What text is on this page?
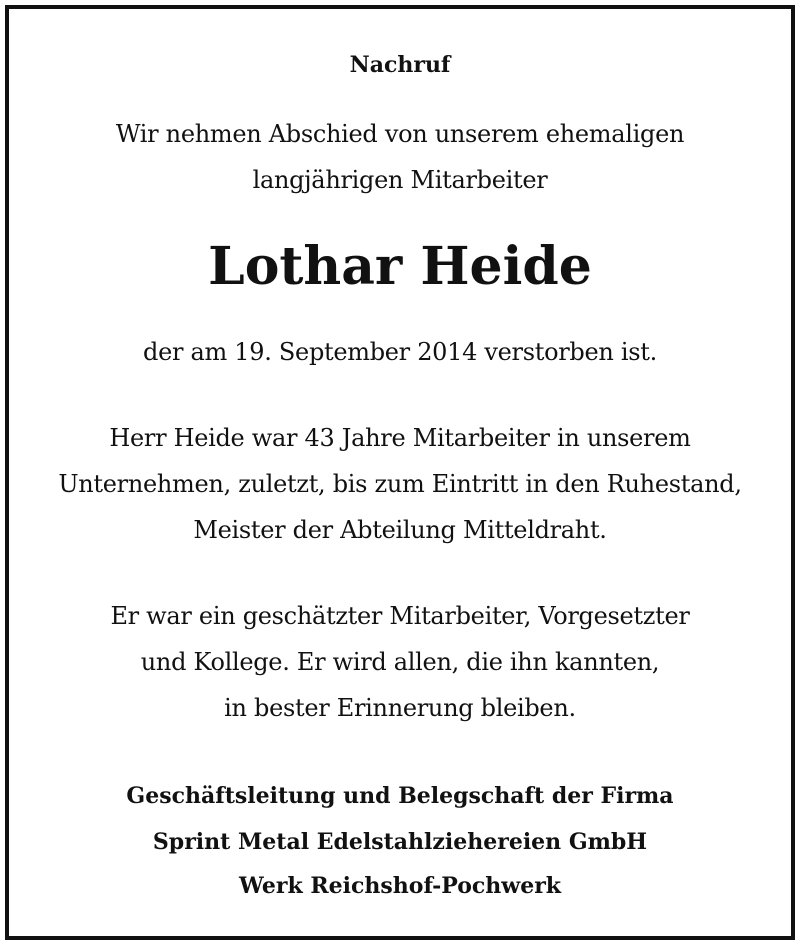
Nachruf
Wir nehmen Abschied von unserem ehemaligen
langjährigen Mitarbeiter
Lothar Heide
der am 19. September 2014 verstorben ist.
Herr Heide war 43 Jahre Mitarbeiter in unserem
Unternehmen, zuletzt, bis zum Eintritt in den Ruhestand,
Meister der Abteilung Mitteldraht.
Er war ein geschätzter Mitarbeiter, Vorgesetzter
und Kollege. Er wird allen, die ihn kannten,
in bester Erinnerung bleiben.
Geschäftsleitung und Belegschaft der Firma
Sprint Metal Edelstahlziehereien GmbH
Werk Reichshof-Pochwerk
